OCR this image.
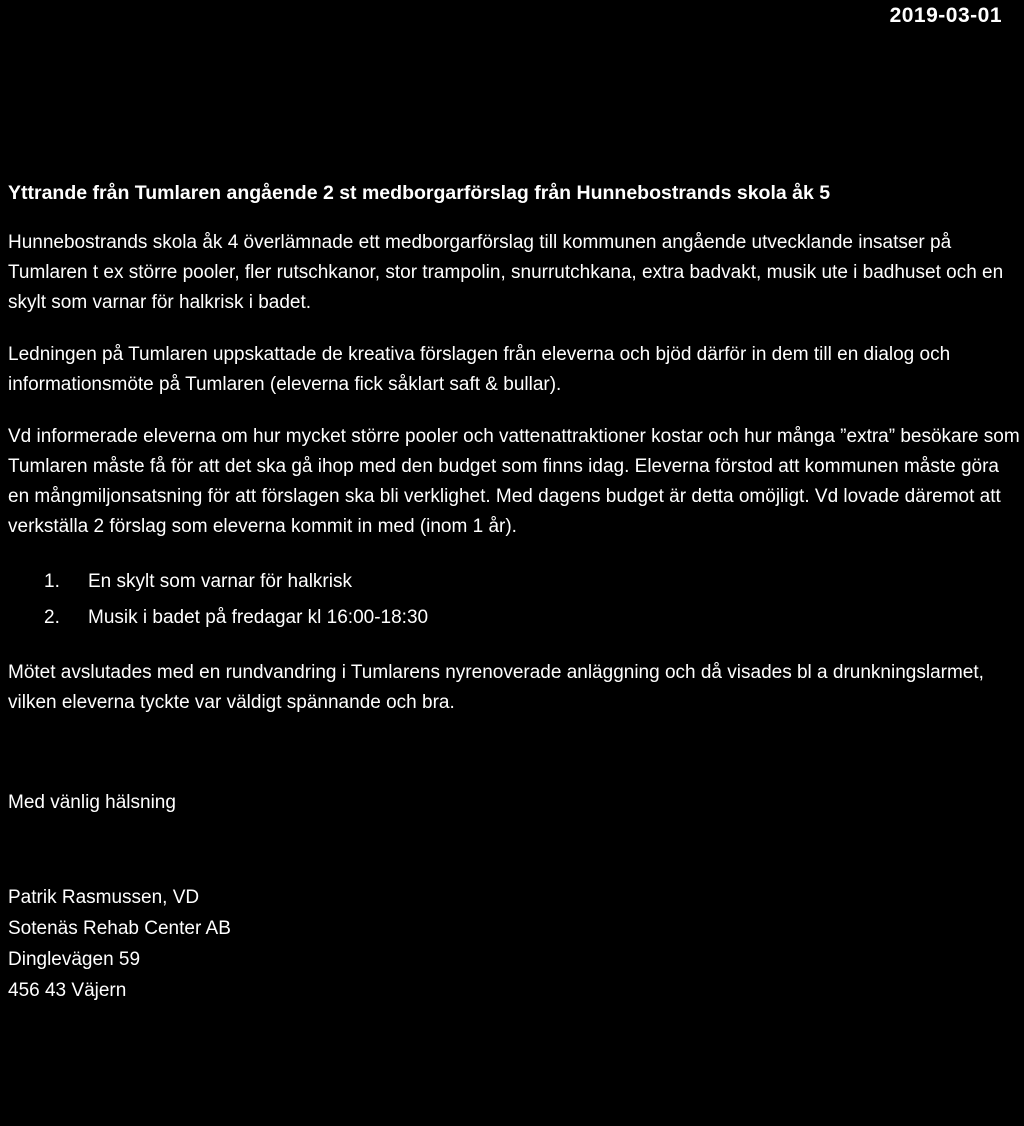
2019-03-01
Yttrande från Tumlaren angående 2 st medborgarförslag från Hunnebostrands skola åk 5

Hunnebostrands skola åk 4 överlämnade ett medborgarförslag till kommunen angående utvecklande insatser på Tumlaren t ex större pooler, fler rutschkanor, stor trampolin, snurrutchkana, extra badvakt, musik ute i badhuset och en skylt som varnar för halkrisk i badet.

Ledningen på Tumlaren uppskattade de kreativa förslagen från eleverna och bjöd därför in dem till en dialog och informationsmöte på Tumlaren (eleverna fick såklart saft & bullar).

Vd informerade eleverna om hur mycket större pooler och vattenattraktioner kostar och hur många ”extra” besökare som Tumlaren måste få för att det ska gå ihop med den budget som finns idag. Eleverna förstod att kommunen måste göra en mångmiljonsatsning för att förslagen ska bli verklighet. Med dagens budget är detta omöjligt. Vd lovade däremot att verkställa 2 förslag som eleverna kommit in med (inom 1 år).

1. En skylt som varnar för halkrisk
2. Musik i badet på fredagar kl 16:00-18:30

Mötet avslutades med en rundvandring i Tumlarens nyrenoverade anläggning och då visades bl a drunkningslarmet, vilken eleverna tyckte var väldigt spännande och bra.

Med vänlig hälsning
Patrik Rasmussen, VD
Sotenäs Rehab Center AB
Dinglevägen 59
456 43 Väjern
